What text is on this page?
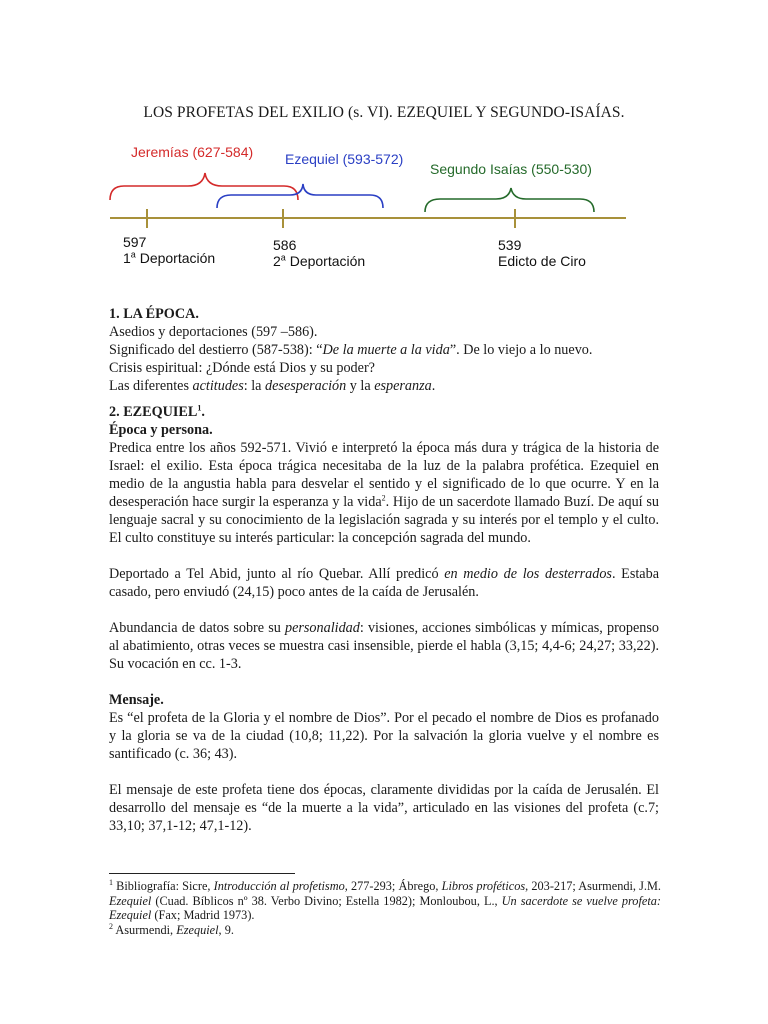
LOS PROFETAS DEL EXILIO (s. VI). EZEQUIEL Y SEGUNDO-ISAÍAS.
Jeremías (627-584) Ezequiel (593-572)
Segundo Isaías (550-530)
597
1$^a$ Deportación
586
2$^a$ Deportación
539
Edicto de Ciro

1. LA ÉPOCA.

Asedios y deportaciones (597 –586).

Significado del destierro (587-538): “De la muerte a la vida”. De lo viejo a lo nuevo.

Crisis espiritual: ¿Dónde está Dios y su poder?

Las diferentes actitudes: la desesperación y la esperanza.

2. EZEQUIEL$^1$.

Época y persona.

Predica entre los años 592-571. Vivió e interpretó la época más dura y trágica de la historia de Israel: el exilio. Esta época trágica necesitaba de la luz de la palabra profética. Ezequiel en medio de la angustia habla para desvelar el sentido y el significado de lo que ocurre. Y en la desesperación hace surgir la esperanza y la vida$^2$. Hijo de un sacerdote llamado Buzí. De aquí su lenguaje sacral y su conocimiento de la legislación sagrada y su interés por el templo y el culto. El culto constituye su interés particular: la concepción sagrada del mundo.

Deportado a Tel Abid, junto al río Quebar. Allí predicó en medio de los desterrados. Estaba casado, pero enviudó (24,15) poco antes de la caída de Jerusalén.

Abundancia de datos sobre su personalidad: visiones, acciones simbólicas y mímicas, propenso al abatimiento, otras veces se muestra casi insensible, pierde el habla (3,15; 4,4-6; 24,27; 33,22). Su vocación en cc. 1-3.

Mensaje.

Es “el profeta de la Gloria y el nombre de Dios”. Por el pecado el nombre de Dios es profanado y la gloria se va de la ciudad (10,8; 11,22). Por la salvación la gloria vuelve y el nombre es santificado (c. 36; 43).

El mensaje de este profeta tiene dos épocas, claramente divididas por la caída de Jerusalén. El desarrollo del mensaje es “de la muerte a la vida”, articulado en las visiones del profeta (c.7; 33,10; 37,1-12; 47,1-12).

$^1$ Bibliografía: Sicre, Introducción al profetismo, 277-293; Ábrego, Libros proféticos, 203-217; Asurmendi, J.M. Ezequiel (Cuad. Bíblicos nº 38. Verbo Divino; Estella 1982); Monloubou, L., Un sacerdote se vuelve profeta: Ezequiel (Fax; Madrid 1973).

$^2$ Asurmendi, Ezequiel, 9.
